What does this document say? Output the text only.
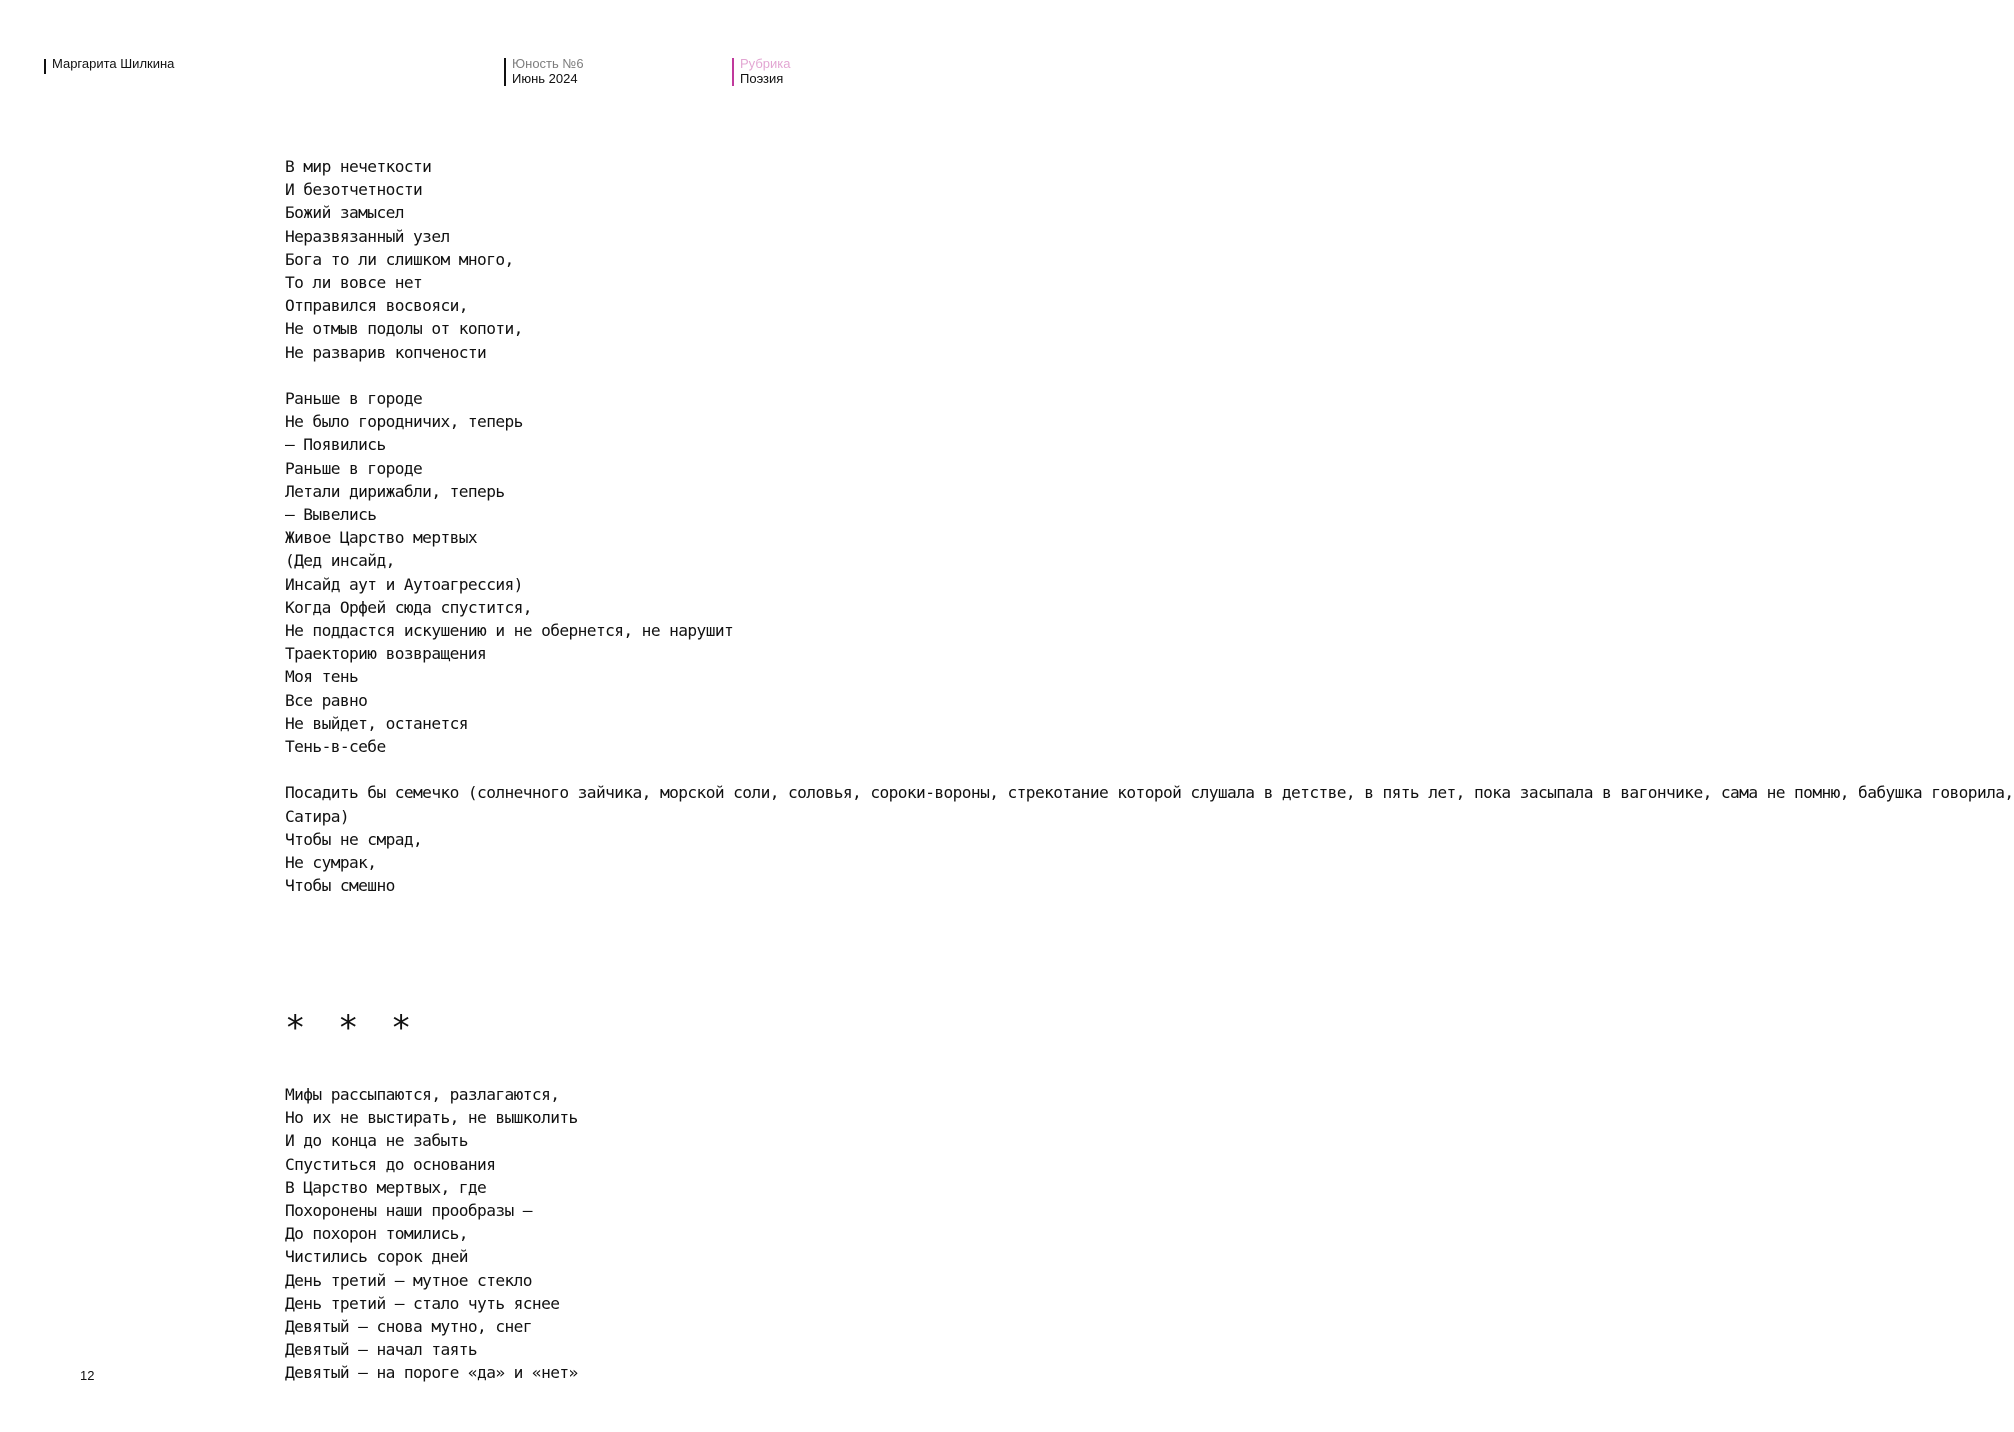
Маргарита Шилкина	Юность №6
Июнь 2024
Рубрика
Поэзия
В мир нечеткости
И безотчетности
Божий замысел
Неразвязанный узел
Бога то ли слишком много,
То ли вовсе нет
Отправился восвояси,
Не отмыв подолы от копоти,
Не разварив копчености
Раньше в городе
Не было городничих, теперь
– Появились
Раньше в городе
Летали дирижабли, теперь
– Вывелись
Живое Царство мертвых
(Дед инсайд,
Инсайд аут и Аутоагрессия)
Когда Орфей сюда спустится,
Не поддастся искушению и не обернется, не нарушит
Траекторию возвращения
Моя тень
Все равно
Не выйдет, останется
Тень-в-себе
Посадить бы семечко (солнечного зайчика, морской соли, соловья, сороки-вороны, стрекотание которой слушала в детстве, в пять лет, пока засыпала в вагончике, сама не помню, бабушка говорила,
Сатира)
Чтобы не смрад,
Не сумрак,
Чтобы смешно
* * *
Мифы рассыпаются, разлагаются,
Но их не выстирать, не вышколить
И до конца не забыть
Спуститься до основания
В Царство мертвых, где
Похоронены наши прообразы –
До похорон томились,
Чистились сорок дней
День третий – мутное стекло
День третий – стало чуть яснее
Девятый – снова мутно, снег
Девятый – начал таять
Девятый – на пороге «да» и «нет»
12
